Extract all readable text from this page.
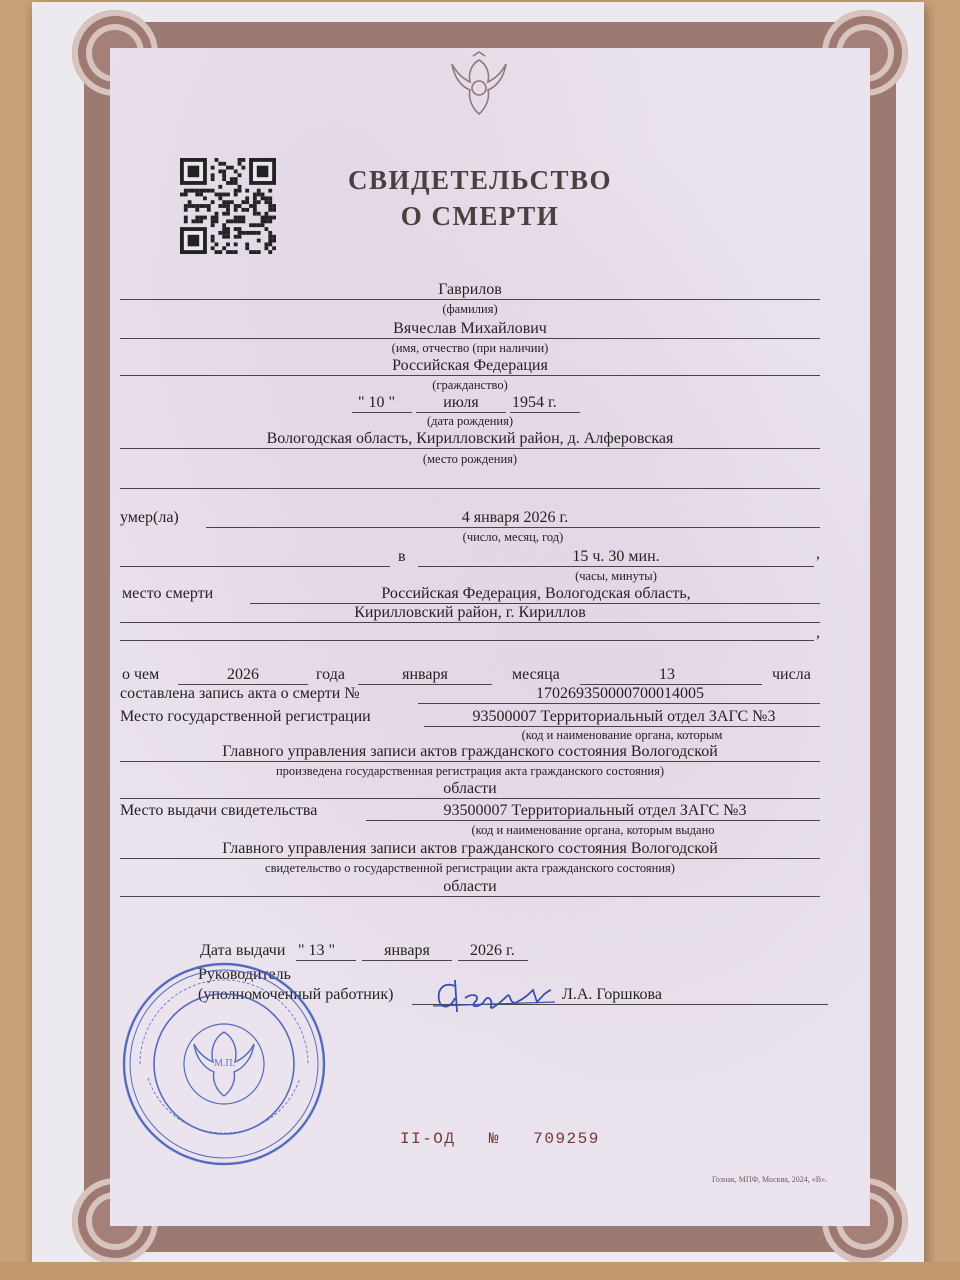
СВИДЕТЕЛЬСТВО
О СМЕРТИ
Гаврилов
(фамилия)
Вячеслав Михайлович
(имя, отчество (при наличии)
Российская Федерация
(гражданство)
" 10 "	июля	1954 г.
(дата рождения)
Вологодская область, Кирилловский район, д. Алферовская
(место рождения)
умер(ла)	4 января 2026 г.
(число, месяц, год)
в	15 ч. 30 мин.	,
(часы, минуты)
место смерти	Российская Федерация, Вологодская область,
Кирилловский район, г. Кириллов
,
о чем	2026	года	января	месяца	13	числа
составлена запись акта о смерти №	170269350000700014005
Место государственной регистрации	93500007 Территориальный отдел ЗАГС №3
(код и наименование органа, которым
Главного управления записи актов гражданского состояния Вологодской
произведена государственная регистрация акта гражданского состояния)
области
Место выдачи свидетельства	93500007 Территориальный отдел ЗАГС №3
(код и наименование органа, которым выдано
Главного управления записи актов гражданского состояния Вологодской
свидетельство о государственной регистрации акта гражданского состояния)
области
Дата выдачи " 13 "	января	2026 г.
Руководитель
(уполномоченный работник)	Л.А. Горшкова
М.П.
II-ОД № 709259
Гознак, МПФ, Москва, 2024, «В».
